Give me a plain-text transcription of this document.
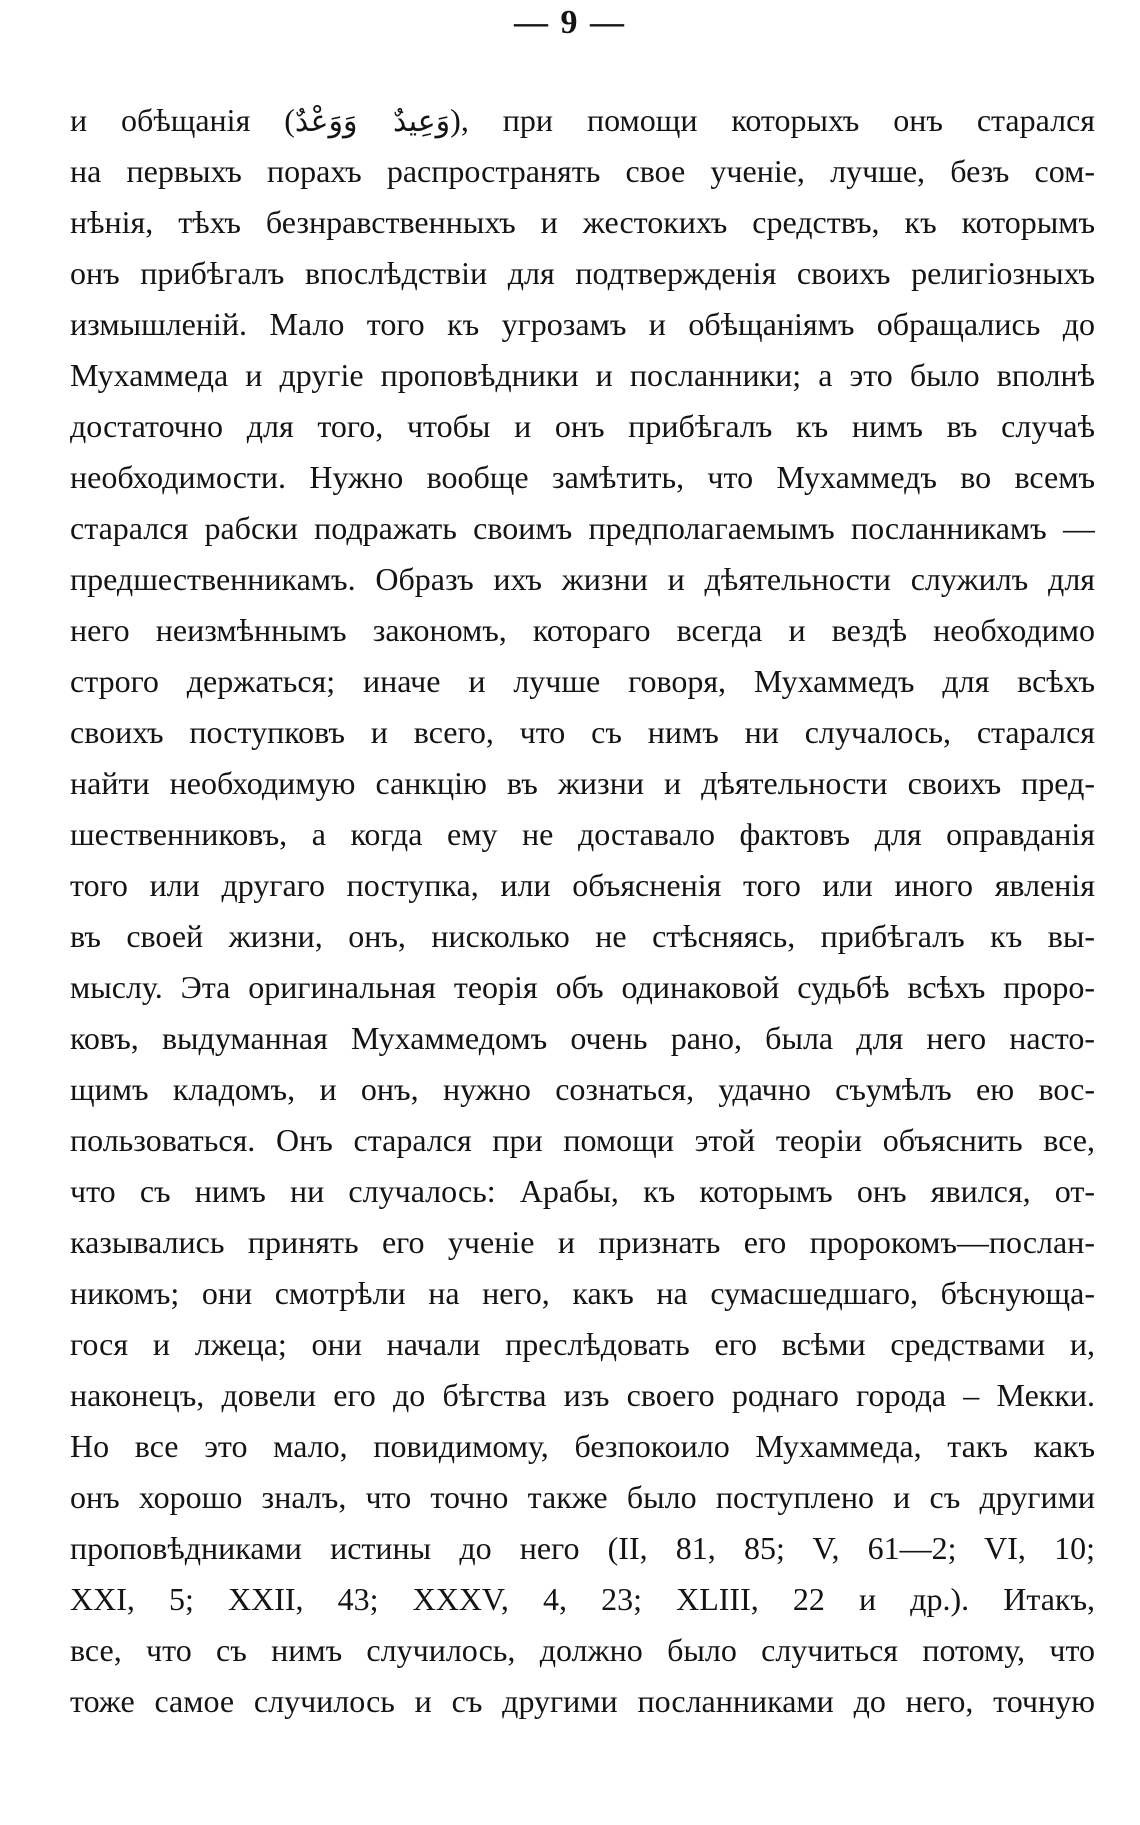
— 9 —
и обѣщанія (وَعِيدٌ وَوَعْدٌ), при помощи которыхъ онъ старался
на первыхъ порахъ распространять свое ученіе, лучше, безъ сом-
нѣнія, тѣхъ безнравственныхъ и жестокихъ средствъ, къ которымъ
онъ прибѣгалъ впослѣдствіи для подтвержденія своихъ религіозныхъ
измышленій. Мало того къ угрозамъ и обѣщаніямъ обращались до
Мухаммеда и другіе проповѣдники и посланники; а это было вполнѣ
достаточно для того, чтобы и онъ прибѣгалъ къ нимъ въ случаѣ
необходимости. Нужно вообще замѣтить, что Мухаммедъ во всемъ
старался рабски подражать своимъ предполагаемымъ посланникамъ —
предшественникамъ. Образъ ихъ жизни и дѣятельности служилъ для
него неизмѣннымъ закономъ, котораго всегда и вездѣ необходимо
строго держаться; иначе и лучше говоря, Мухаммедъ для всѣхъ
своихъ поступковъ и всего, что съ нимъ ни случалось, старался
найти необходимую санкцію въ жизни и дѣятельности своихъ пред-
шественниковъ, а когда ему не доставало фактовъ для оправданія
того или другаго поступка, или объясненія того или иного явленія
въ своей жизни, онъ, нисколько не стѣсняясь, прибѣгалъ къ вы-
мыслу. Эта оригинальная теорія объ одинаковой судьбѣ всѣхъ проро-
ковъ, выдуманная Мухаммедомъ очень рано, была для него насто-
щимъ кладомъ, и онъ, нужно сознаться, удачно съумѣлъ ею вос-
пользоваться. Онъ старался при помощи этой теоріи объяснить все,
что съ нимъ ни случалось: Арабы, къ которымъ онъ явился, от-
казывались принять его ученіе и признать его пророкомъ—послан-
никомъ; они смотрѣли на него, какъ на сумасшедшаго, бѣснующа-
гося и лжеца; они начали преслѣдовать его всѣми средствами и,
наконецъ, довели его до бѣгства изъ своего роднаго города – Мекки.
Но все это мало, повидимому, безпокоило Мухаммеда, такъ какъ
онъ хорошо зналъ, что точно также было поступлено и съ другими
проповѣдниками истины до него (II, 81, 85; V, 61—2; VI, 10;
XXI, 5; XXII, 43; XXXV, 4, 23; XLIII, 22 и др.). Итакъ,
все, что съ нимъ случилось, должно было случиться потому, что
тоже самое случилось и съ другими посланниками до него, точную
